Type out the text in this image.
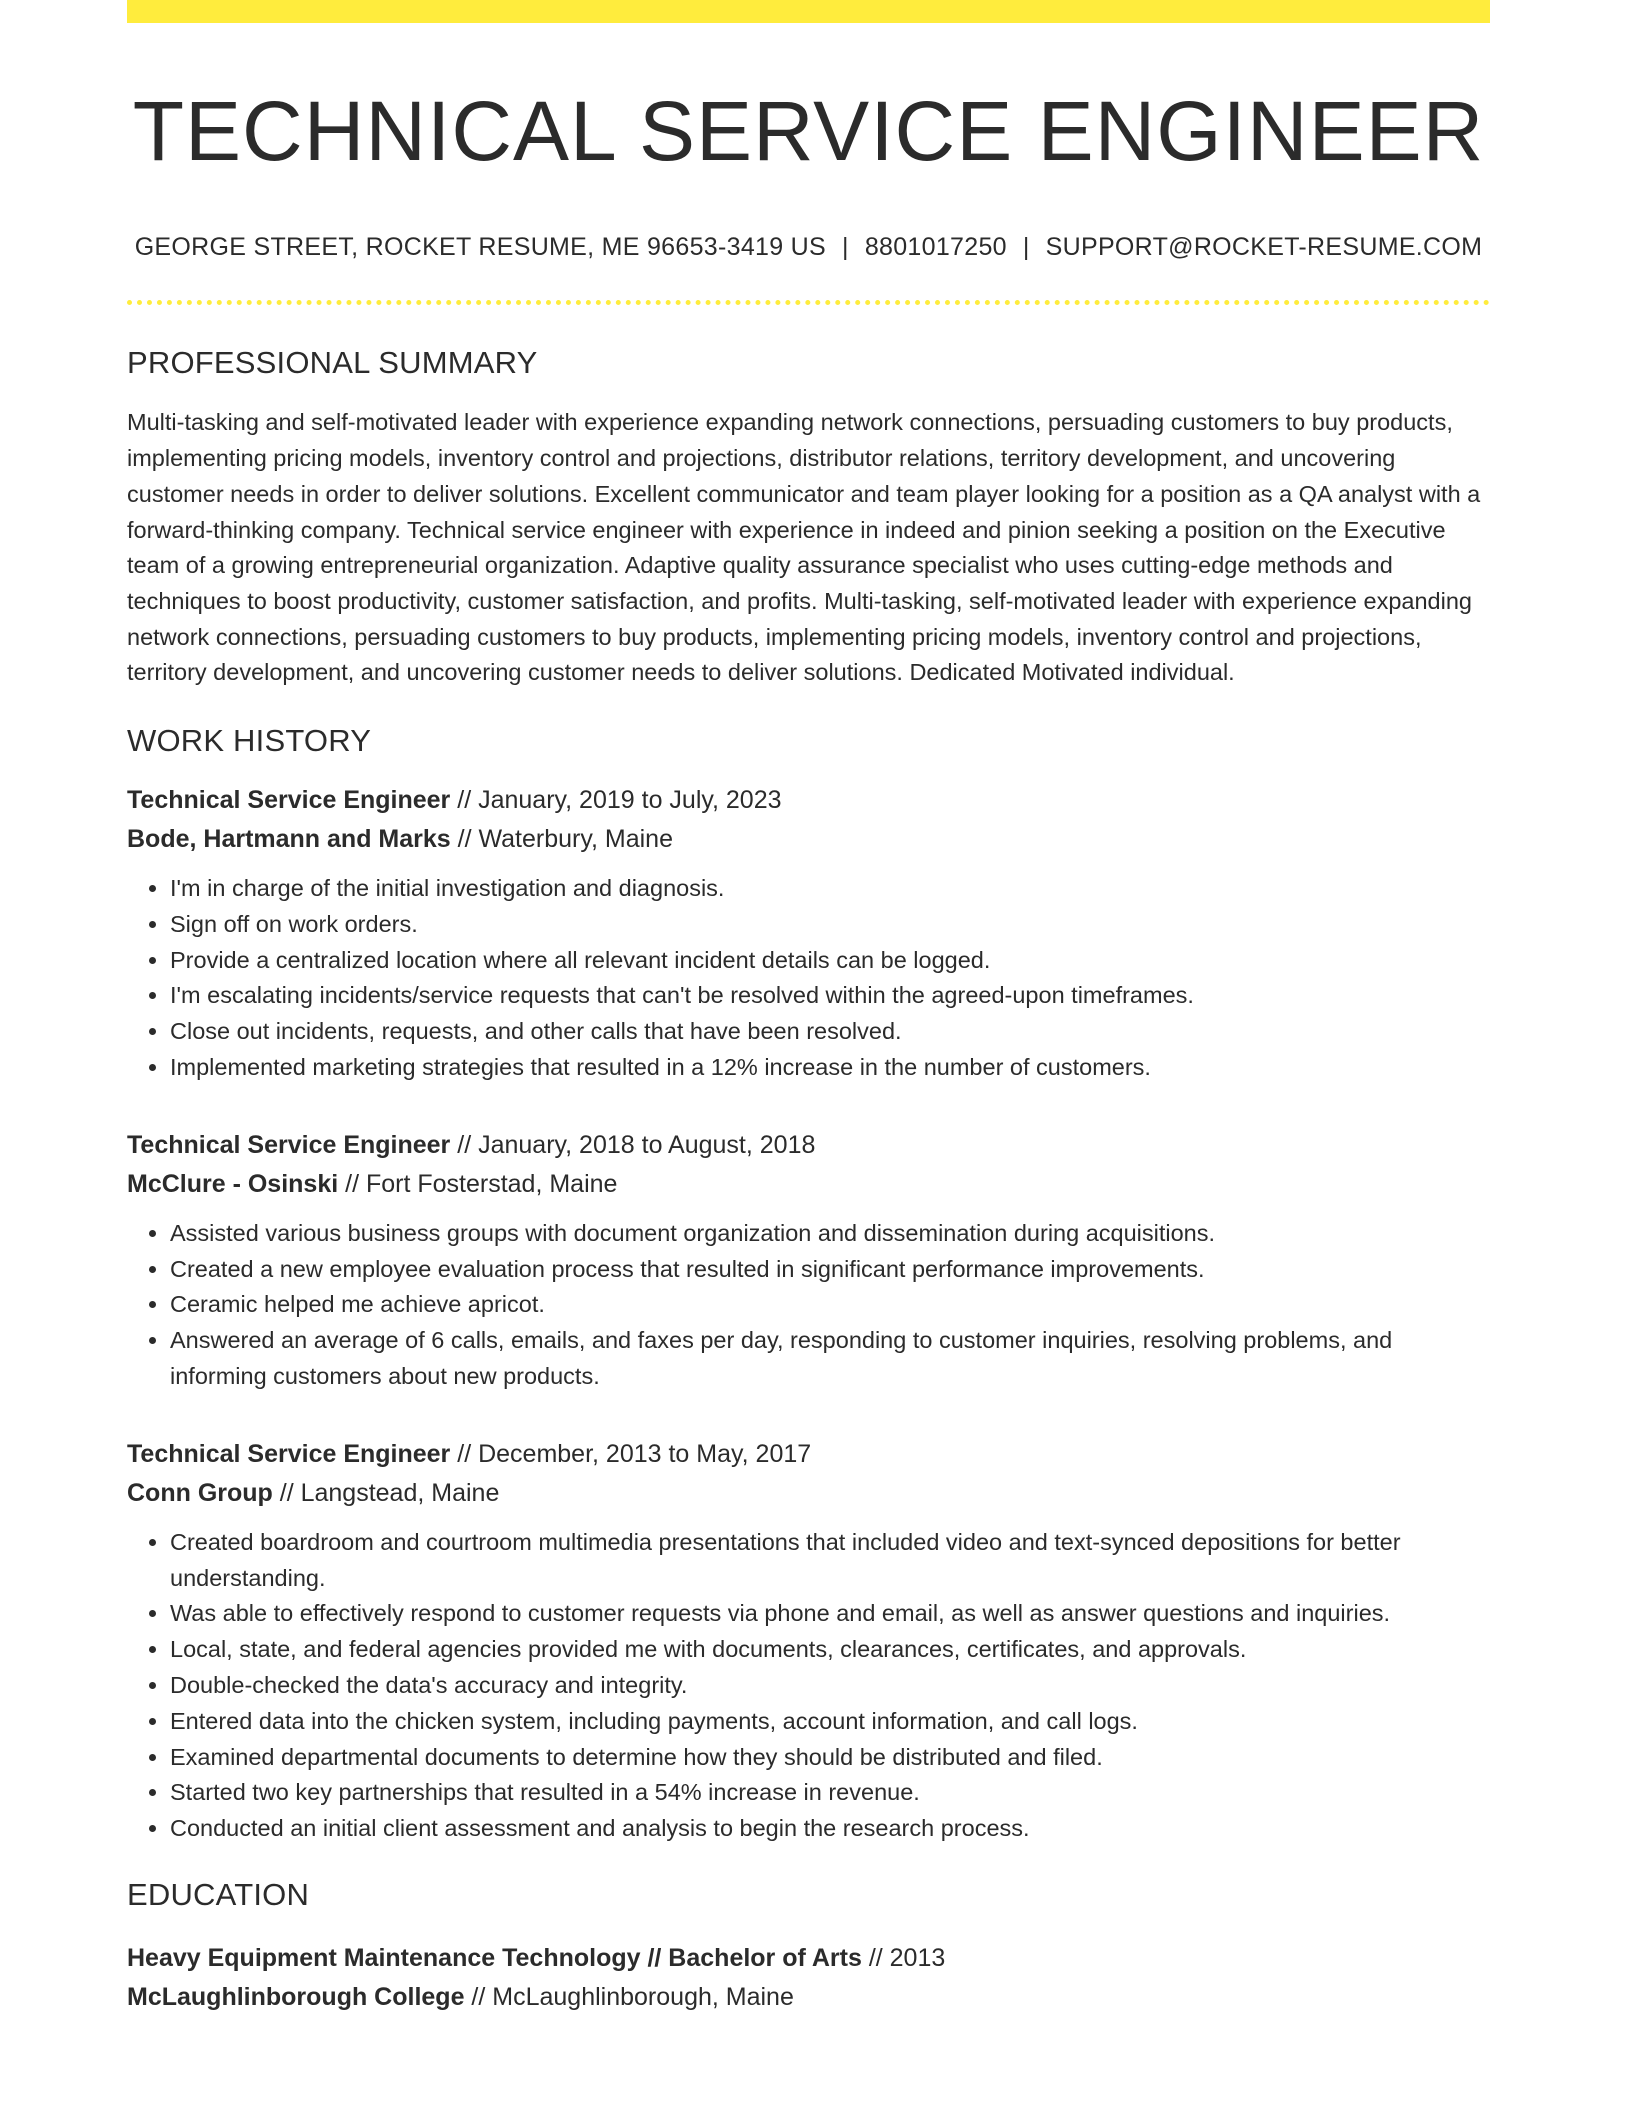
TECHNICAL SERVICE ENGINEER
GEORGE STREET, ROCKET RESUME, ME 96653-3419 US | 8801017250 | SUPPORT@ROCKET-RESUME.COM
PROFESSIONAL SUMMARY

Multi-tasking and self-motivated leader with experience expanding network connections, persuading customers to buy products, implementing pricing models, inventory control and projections, distributor relations, territory development, and uncovering customer needs in order to deliver solutions. Excellent communicator and team player looking for a position as a QA analyst with a forward-thinking company. Technical service engineer with experience in indeed and pinion seeking a position on the Executive team of a growing entrepreneurial organization. Adaptive quality assurance specialist who uses cutting-edge methods and techniques to boost productivity, customer satisfaction, and profits. Multi-tasking, self-motivated leader with experience expanding network connections, persuading customers to buy products, implementing pricing models, inventory control and projections, territory development, and uncovering customer needs to deliver solutions. Dedicated Motivated individual.

WORK HISTORY
Technical Service Engineer // January, 2019 to July, 2023
Bode, Hartmann and Marks // Waterbury, Maine
• I'm in charge of the initial investigation and diagnosis.
• Sign off on work orders.
• Provide a centralized location where all relevant incident details can be logged.
• I'm escalating incidents/service requests that can't be resolved within the agreed-upon timeframes.
• Close out incidents, requests, and other calls that have been resolved.
• Implemented marketing strategies that resulted in a 12% increase in the number of customers.
Technical Service Engineer // January, 2018 to August, 2018
McClure - Osinski // Fort Fosterstad, Maine
• Assisted various business groups with document organization and dissemination during acquisitions.
• Created a new employee evaluation process that resulted in significant performance improvements.
• Ceramic helped me achieve apricot.
• Answered an average of 6 calls, emails, and faxes per day, responding to customer inquiries, resolving problems, and informing customers about new products.
Technical Service Engineer // December, 2013 to May, 2017
Conn Group // Langstead, Maine
• Created boardroom and courtroom multimedia presentations that included video and text-synced depositions for better understanding.
• Was able to effectively respond to customer requests via phone and email, as well as answer questions and inquiries.
• Local, state, and federal agencies provided me with documents, clearances, certificates, and approvals.
• Double-checked the data's accuracy and integrity.
• Entered data into the chicken system, including payments, account information, and call logs.
• Examined departmental documents to determine how they should be distributed and filed.
• Started two key partnerships that resulted in a 54% increase in revenue.
• Conducted an initial client assessment and analysis to begin the research process.
EDUCATION
Heavy Equipment Maintenance Technology // Bachelor of Arts // 2013
McLaughlinborough College // McLaughlinborough, Maine
